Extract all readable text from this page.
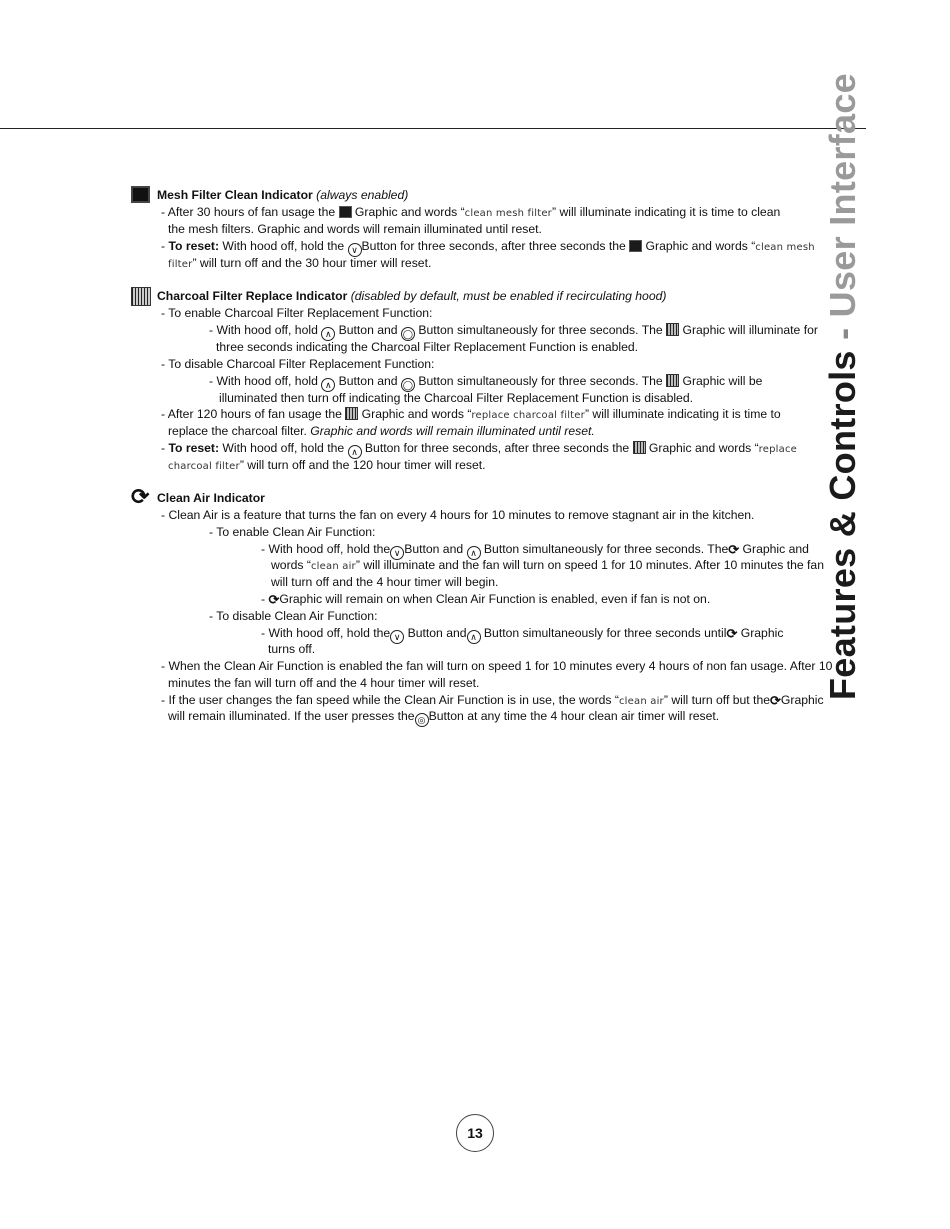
Features & Controls - User Interface
Mesh Filter Clean Indicator (always enabled)
- After 30 hours of fan usage the  Graphic and words “clean mesh filter” will illuminate indicating it is time to clean
the mesh filters. Graphic and words will remain illuminated until reset.
- To reset: With hood off, hold the ∨ Button for three seconds, after three seconds the  Graphic and words “clean mesh
filter” will turn off and the 30 hour timer will reset.
Charcoal Filter Replace Indicator (disabled by default, must be enabled if recirculating hood)
- To enable Charcoal Filter Replacement Function:
- With hood off, hold ∧ Button and ◯ Button simultaneously for three seconds. The  Graphic will illuminate for
three seconds indicating the Charcoal Filter Replacement Function is enabled.
- To disable Charcoal Filter Replacement Function:
- With hood off, hold ∧ Button and ◯ Button simultaneously for three seconds. The  Graphic will be
illuminated then turn off indicating the Charcoal Filter Replacement Function is disabled.
- After 120 hours of fan usage the  Graphic and words “replace charcoal filter” will illuminate indicating it is time to
replace the charcoal filter. Graphic and words will remain illuminated until reset.
- To reset: With hood off, hold the ∧ Button for three seconds, after three seconds the  Graphic and words “replace
charcoal filter” will turn off and the 120 hour timer will reset.
⟳ Clean Air Indicator
- Clean Air is a feature that turns the fan on every 4 hours for 10 minutes to remove stagnant air in the kitchen.
- To enable Clean Air Function:
- With hood off, hold the ∨ Button and ∧ Button simultaneously for three seconds. The⟳ Graphic and
words “clean air” will illuminate and the fan will turn on speed 1 for 10 minutes. After 10 minutes the fan
will turn off and the 4 hour timer will begin.
- ⟳Graphic will remain on when Clean Air Function is enabled, even if fan is not on.
- To disable Clean Air Function:
- With hood off, hold the ∨ Button and ∧ Button simultaneously for three seconds until⟳ Graphic
turns off.
- When the Clean Air Function is enabled the fan will turn on speed 1 for 10 minutes every 4 hours of non fan usage. After 10
minutes the fan will turn off and the 4 hour timer will reset.
- If the user changes the fan speed while the Clean Air Function is in use, the words “clean air” will turn off but the⟳Graphic
will remain illuminated. If the user presses the ◎ Button at any time the 4 hour clean air timer will reset.
13
